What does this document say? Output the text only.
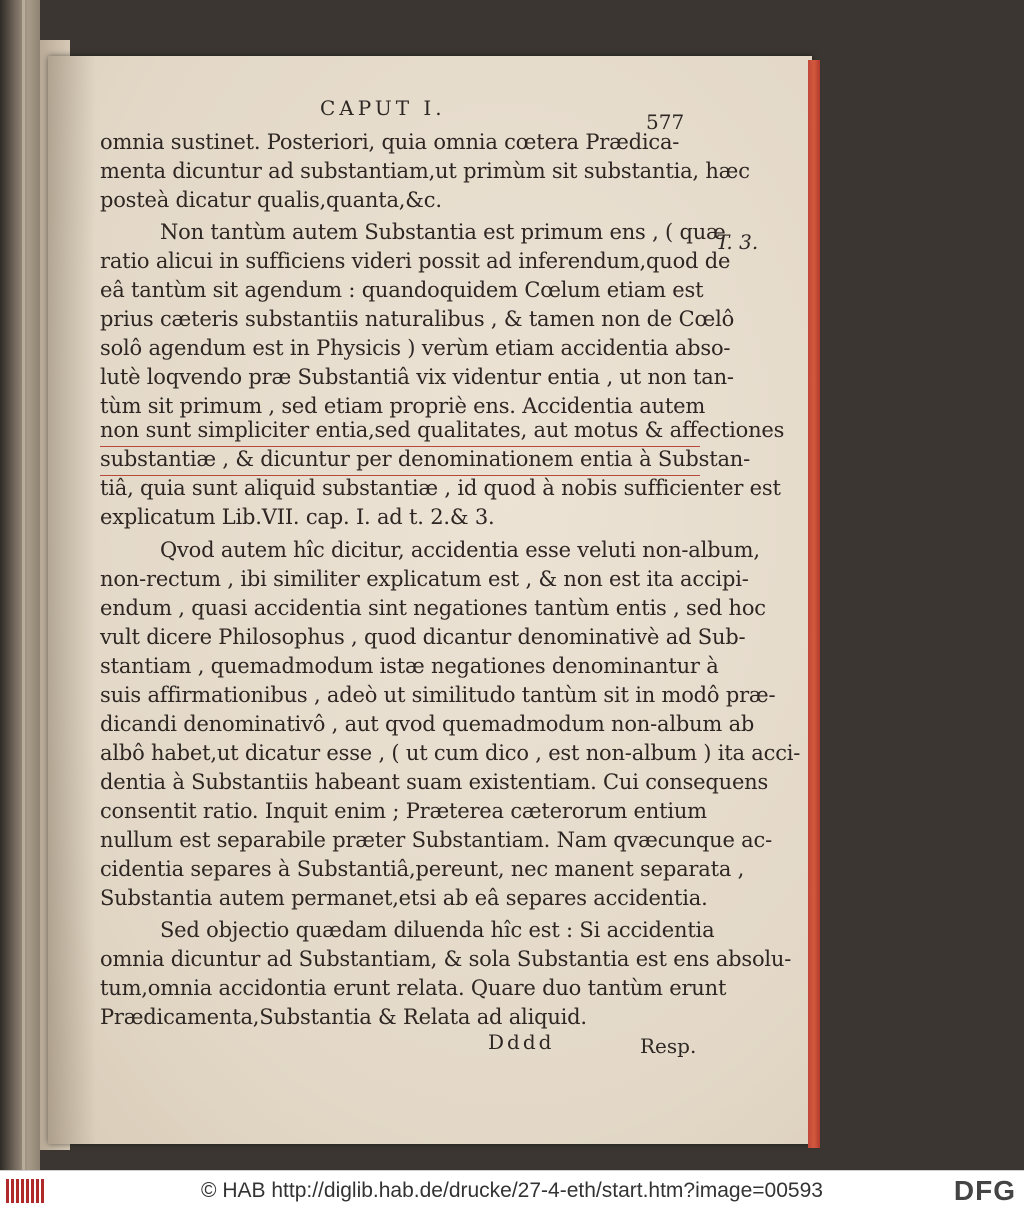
CAPUT I.
577
T. 3.
omnia sustinet. Posteriori, quia omnia cœtera Prædica-
menta dicuntur ad substantiam,ut primùm sit substantia, hæc
posteà dicatur qualis,quanta,&c.
Non tantùm autem Substantia est primum ens , ( quæ
ratio alicui in sufficiens videri possit ad inferendum,quod de
eâ tantùm sit agendum : quandoquidem Cœlum etiam est
prius cæteris substantiis naturalibus , & tamen non de Cœlô
solô agendum est in Physicis ) verùm etiam accidentia abso-
lutè loqvendo præ Substantiâ vix videntur entia , ut non tan-
tùm sit primum , sed etiam propriè ens. Accidentia autem
non sunt simpliciter entia,sed qualitates, aut motus & affectiones
substantiæ , & dicuntur per denominationem entia à Substan-
tiâ, quia sunt aliquid substantiæ , id quod à nobis sufficienter est
explicatum Lib.VII. cap. I. ad t. 2.& 3.
Qvod autem hîc dicitur, accidentia esse veluti non-album,
non-rectum , ibi similiter explicatum est , & non est ita accipi-
endum , quasi accidentia sint negationes tantùm entis , sed hoc
vult dicere Philosophus , quod dicantur denominativè ad Sub-
stantiam , quemadmodum istæ negationes denominantur à
suis affirmationibus , adeò ut similitudo tantùm sit in modô præ-
dicandi denominativô , aut qvod quemadmodum non-album ab
albô habet,ut dicatur esse , ( ut cum dico , est non-album ) ita acci-
dentia à Substantiis habeant suam existentiam. Cui consequens
consentit ratio. Inquit enim ; Præterea cæterorum entium
nullum est separabile præter Substantiam. Nam qvæcunque ac-
cidentia separes à Substantiâ,pereunt, nec manent separata ,
Substantia autem permanet,etsi ab eâ separes accidentia.
Sed objectio quædam diluenda hîc est : Si accidentia
omnia dicuntur ad Substantiam, & sola Substantia est ens absolu-
tum,omnia accidontia erunt relata. Quare duo tantùm erunt
Prædicamenta,Substantia & Relata ad aliquid.
Dddd	Resp.
© HAB http://diglib.hab.de/drucke/27-4-eth/start.htm?image=00593	DFG
